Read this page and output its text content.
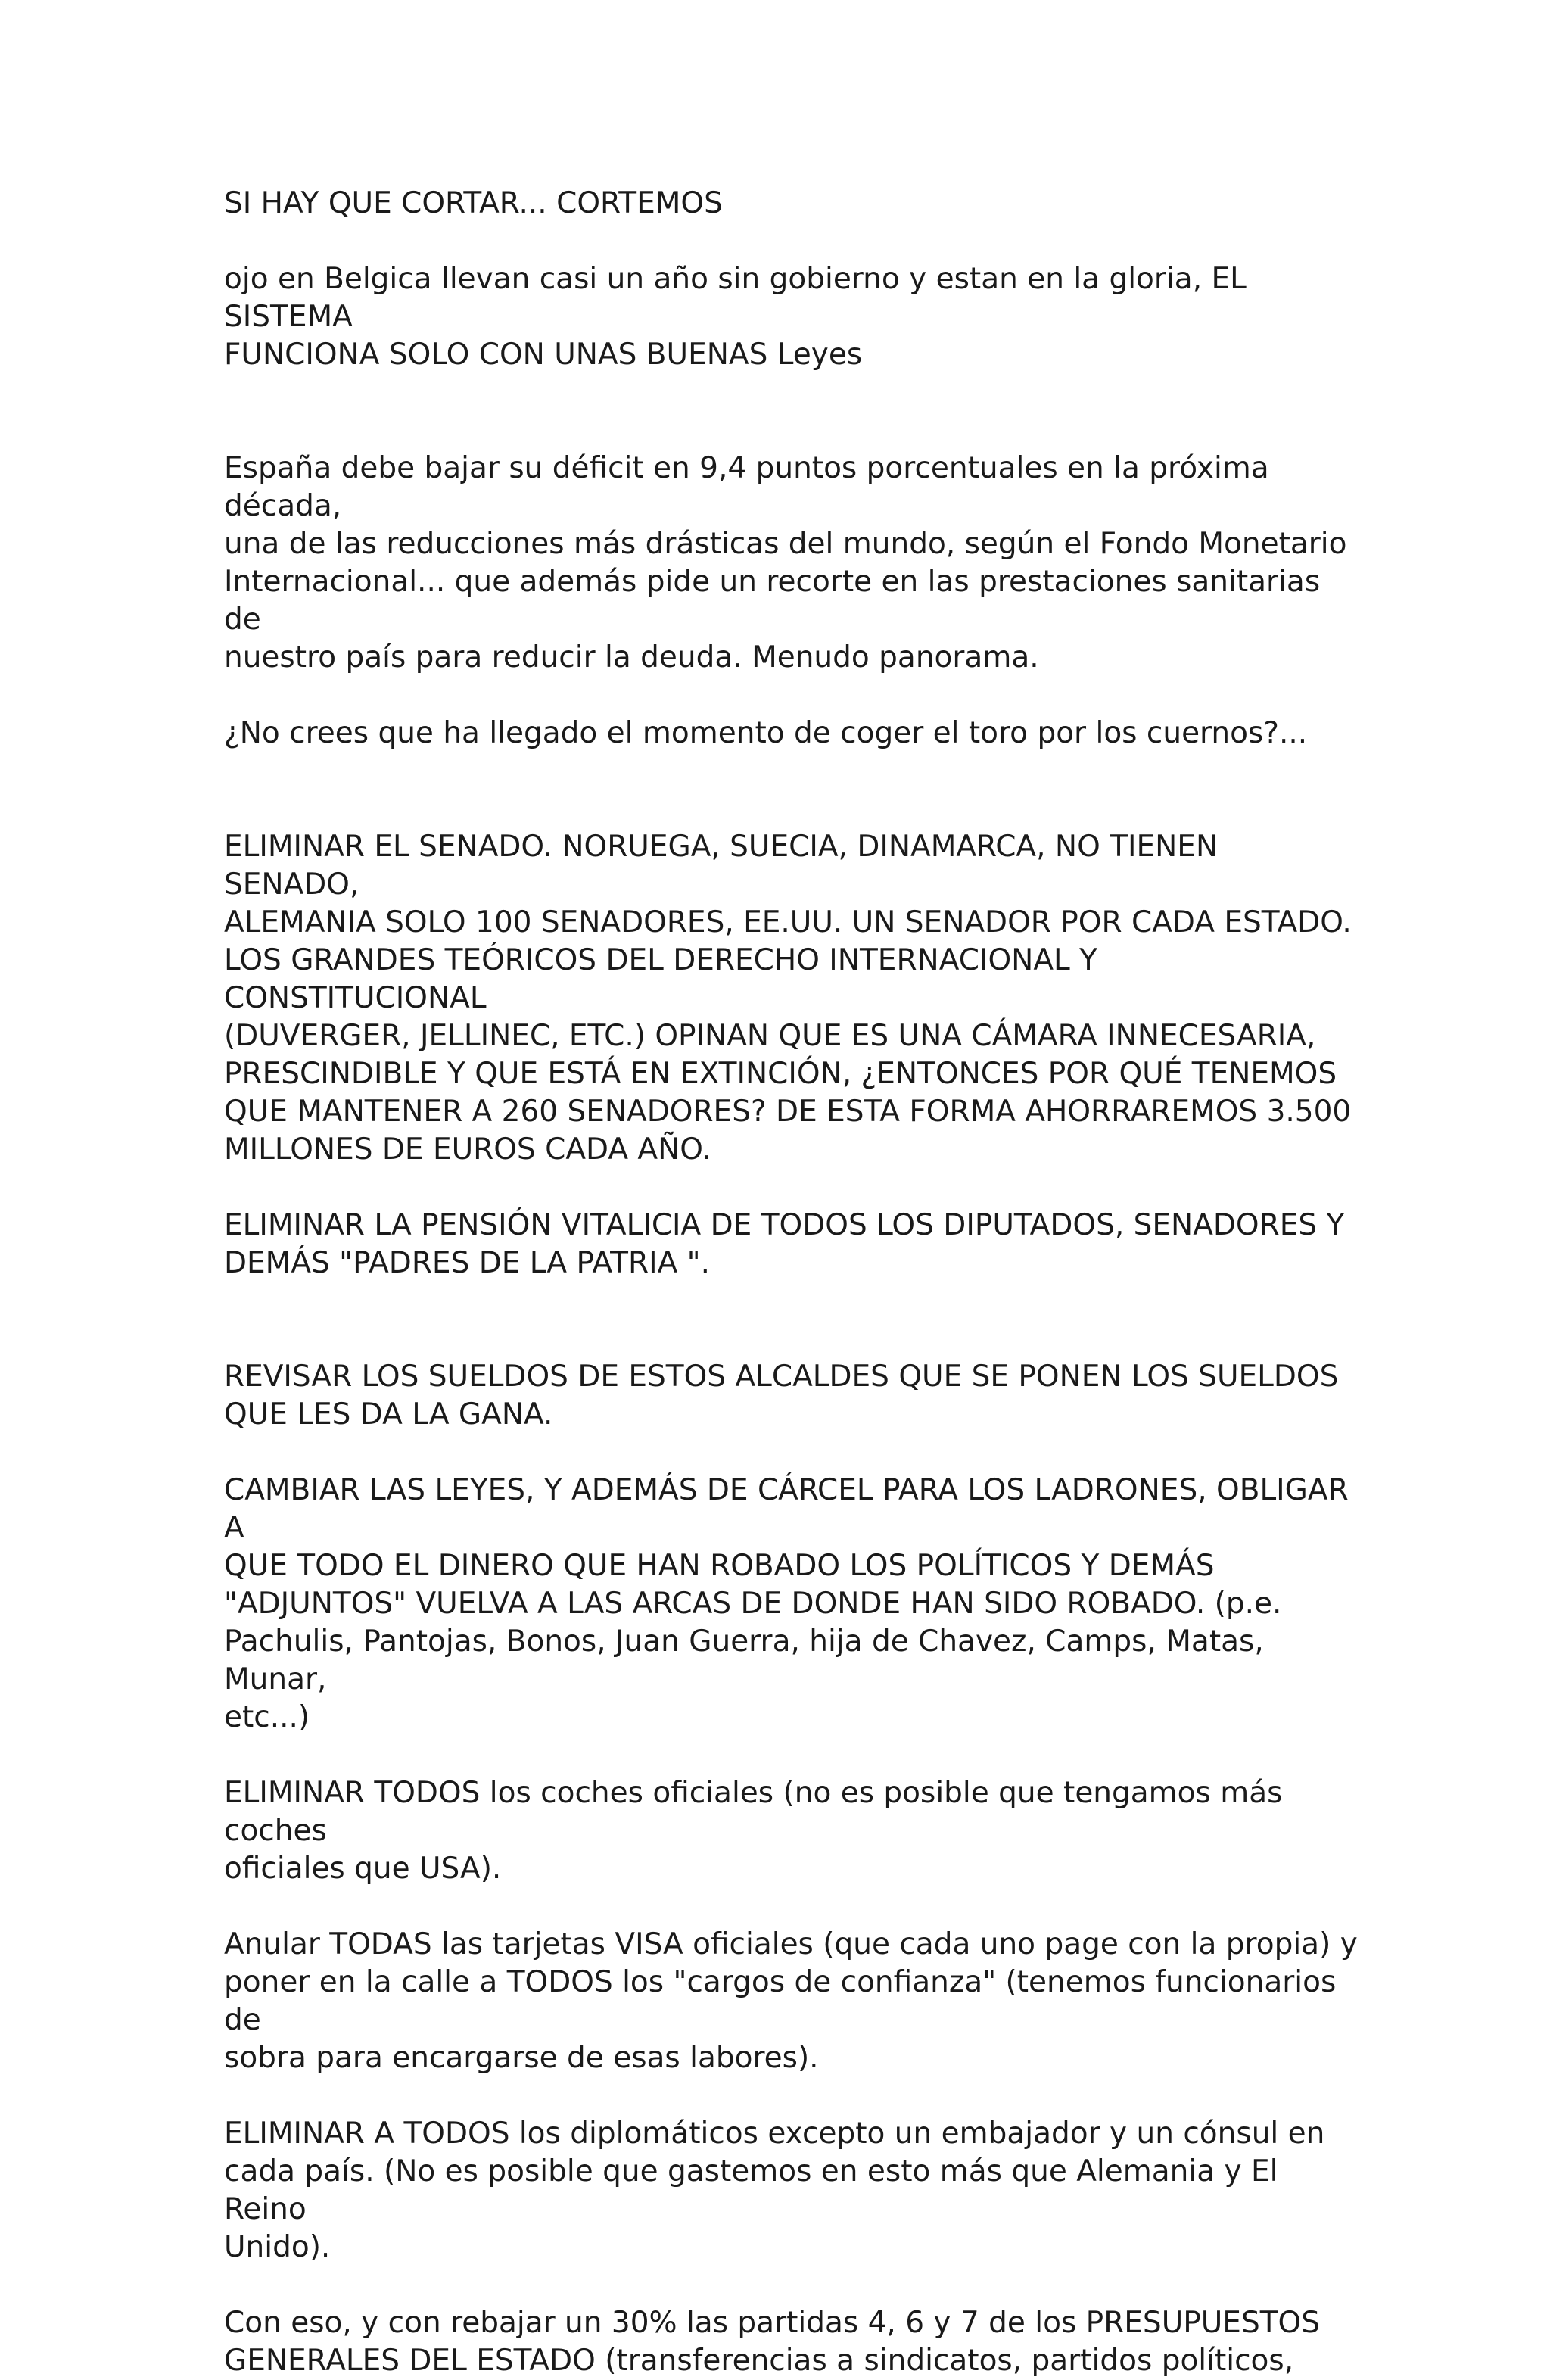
SI HAY QUE CORTAR... CORTEMOS

ojo en Belgica llevan casi un año sin gobierno y estan en la gloria, EL SISTEMA
FUNCIONA SOLO CON UNAS BUENAS Leyes

España debe bajar su déficit en 9,4 puntos porcentuales en la próxima década,
una de las reducciones más drásticas del mundo, según el Fondo Monetario
Internacional... que además pide un recorte en las prestaciones sanitarias de
nuestro país para reducir la deuda. Menudo panorama.

¿No crees que ha llegado el momento de coger el toro por los cuernos?...

ELIMINAR EL SENADO. NORUEGA, SUECIA, DINAMARCA, NO TIENEN SENADO,
ALEMANIA SOLO 100 SENADORES, EE.UU. UN SENADOR POR CADA ESTADO.
LOS GRANDES TEÓRICOS DEL DERECHO INTERNACIONAL Y CONSTITUCIONAL
(DUVERGER, JELLINEC, ETC.) OPINAN QUE ES UNA CÁMARA INNECESARIA,
PRESCINDIBLE Y QUE ESTÁ EN EXTINCIÓN, ¿ENTONCES POR QUÉ TENEMOS
QUE MANTENER A 260 SENADORES? DE ESTA FORMA AHORRAREMOS 3.500
MILLONES DE EUROS CADA AÑO.

ELIMINAR LA PENSIÓN VITALICIA DE TODOS LOS DIPUTADOS, SENADORES Y
DEMÁS "PADRES DE LA PATRIA ".

REVISAR LOS SUELDOS DE ESTOS ALCALDES QUE SE PONEN LOS SUELDOS
QUE LES DA LA GANA.

CAMBIAR LAS LEYES, Y ADEMÁS DE CÁRCEL PARA LOS LADRONES, OBLIGAR A
QUE TODO EL DINERO QUE HAN ROBADO LOS POLÍTICOS Y DEMÁS
"ADJUNTOS" VUELVA A LAS ARCAS DE DONDE HAN SIDO ROBADO. (p.e.
Pachulis, Pantojas, Bonos, Juan Guerra, hija de Chavez, Camps, Matas, Munar,
etc...)

ELIMINAR TODOS los coches oficiales (no es posible que tengamos más coches
oficiales que USA).

Anular TODAS las tarjetas VISA oficiales (que cada uno page con la propia) y
poner en la calle a TODOS los "cargos de confianza" (tenemos funcionarios de
sobra para encargarse de esas labores).

ELIMINAR A TODOS los diplomáticos excepto un embajador y un cónsul en
cada país. (No es posible que gastemos en esto más que Alemania y El Reino
Unido).

Con eso, y con rebajar un 30% las partidas 4, 6 y 7 de los PRESUPUESTOS
GENERALES DEL ESTADO (transferencias a sindicatos, partidos políticos,
